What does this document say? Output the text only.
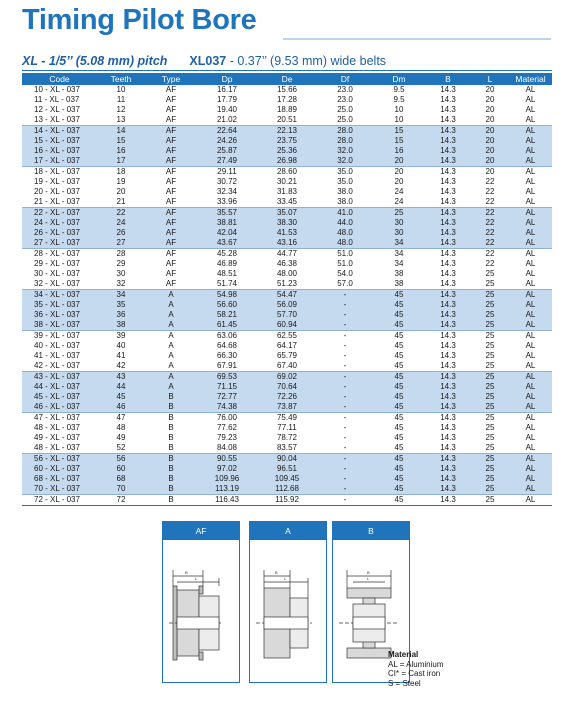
Timing Pilot Bore
XL - 1/5’’ (5.08 mm) pitch XL037 - 0.37’’ (9.53 mm) wide belts
Code	Teeth	Type	Dp	De	Df	Dm	B	L	Material
10 - XL - 037	10	AF	16.17	15.66	23.0	9.5	14.3	20	AL
11 - XL - 037	11	AF	17.79	17.28	23.0	9.5	14.3	20	AL
12 - XL - 037	12	AF	19.40	18.89	25.0	10	14.3	20	AL
13 - XL - 037	13	AF	21.02	20.51	25.0	10	14.3	20	AL
14 - XL - 037	14	AF	22.64	22.13	28.0	15	14.3	20	AL
15 - XL - 037	15	AF	24.26	23.75	28.0	15	14.3	20	AL
16 - XL - 037	16	AF	25.87	25.36	32.0	16	14.3	20	AL
17 - XL - 037	17	AF	27.49	26.98	32.0	20	14.3	20	AL
18 - XL - 037	18	AF	29.11	28.60	35.0	20	14.3	20	AL
19 - XL - 037	19	AF	30.72	30.21	35.0	20	14.3	22	AL
20 - XL - 037	20	AF	32.34	31.83	38.0	24	14.3	22	AL
21 - XL - 037	21	AF	33.96	33.45	38.0	24	14.3	22	AL
22 - XL - 037	22	AF	35.57	35.07	41.0	25	14.3	22	AL
24 - XL - 037	24	AF	38.81	38.30	44.0	30	14.3	22	AL
26 - XL - 037	26	AF	42.04	41.53	48.0	30	14.3	22	AL
27 - XL - 037	27	AF	43.67	43.16	48.0	34	14.3	22	AL
28 - XL - 037	28	AF	45.28	44.77	51.0	34	14.3	22	AL
29 - XL - 037	29	AF	46.89	46.38	51.0	34	14.3	22	AL
30 - XL - 037	30	AF	48.51	48.00	54.0	38	14.3	25	AL
32 - XL - 037	32	AF	51.74	51.23	57.0	38	14.3	25	AL
34 - XL - 037	34	A	54.98	54.47	-	45	14.3	25	AL
35 - XL - 037	35	A	56.60	56.09	-	45	14.3	25	AL
36 - XL - 037	36	A	58.21	57.70	-	45	14.3	25	AL
38 - XL - 037	38	A	61.45	60.94	-	45	14.3	25	AL
39 - XL - 037	39	A	63.06	62.55	-	45	14.3	25	AL
40 - XL - 037	40	A	64.68	64.17	-	45	14.3	25	AL
41 - XL - 037	41	A	66.30	65.79	-	45	14.3	25	AL
42 - XL - 037	42	A	67.91	67.40	-	45	14.3	25	AL
43 - XL - 037	43	A	69.53	69.02	-	45	14.3	25	AL
44 - XL - 037	44	A	71.15	70.64	-	45	14.3	25	AL
45 - XL - 037	45	B	72.77	72.26	-	45	14.3	25	AL
46 - XL - 037	46	B	74.38	73.87	-	45	14.3	25	AL
47 - XL - 037	47	B	76.00	75.49	-	45	14.3	25	AL
48 - XL - 037	48	B	77.62	77.11	-	45	14.3	25	AL
49 - XL - 037	49	B	79.23	78.72	-	45	14.3	25	AL
48 - XL - 037	52	B	84.08	83.57	-	45	14.3	25	AL
56 - XL - 037	56	B	90.55	90.04	-	45	14.3	25	AL
60 - XL - 037	60	B	97.02	96.51	-	45	14.3	25	AL
68 - XL - 037	68	B	109.96	109.45	-	45	14.3	25	AL
70 - XL - 037	70	B	113.19	112.68	-	45	14.3	25	AL
72 - XL - 037	72	B	116.43	115.92	-	45	14.3	25	AL
AF
B
L
A
B
L
B
B
L
Material
AL = Aluminium
CI* = Cast iron
S = Steel
